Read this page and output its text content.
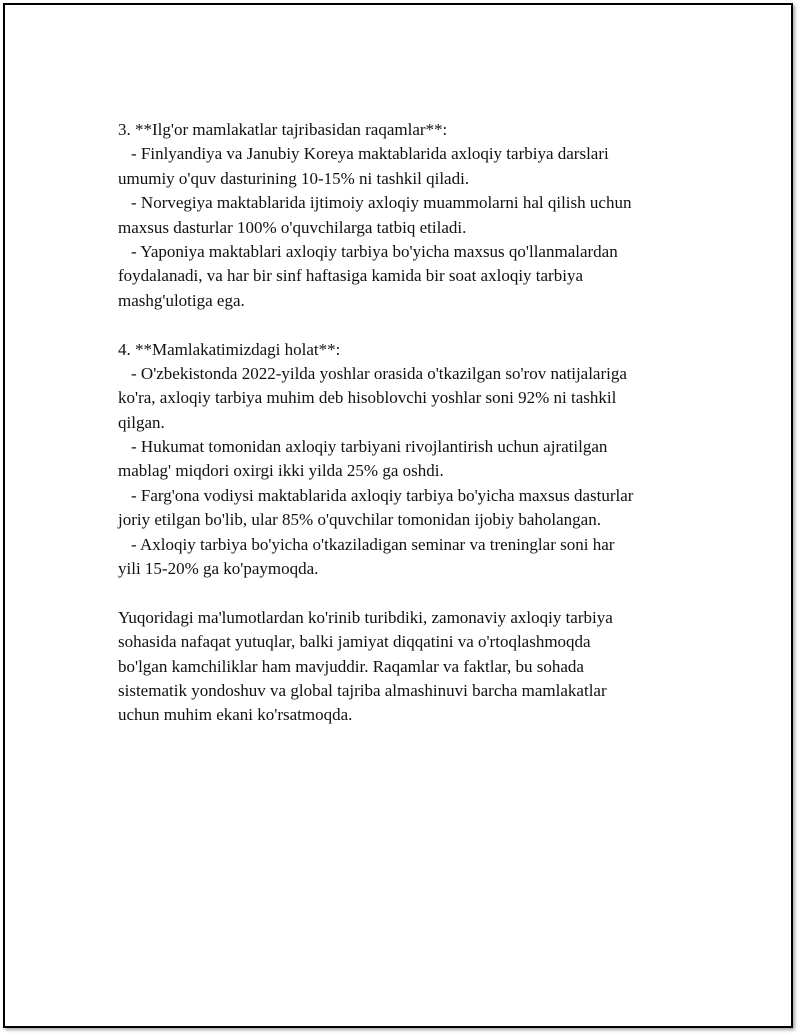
3. **Ilg'or mamlakatlar tajribasidan raqamlar**:
- Finlyandiya va Janubiy Koreya maktablarida axloqiy tarbiya darslari
umumiy o'quv dasturining 10-15% ni tashkil qiladi.
- Norvegiya maktablarida ijtimoiy axloqiy muammolarni hal qilish uchun
maxsus dasturlar 100% o'quvchilarga tatbiq etiladi.
- Yaponiya maktablari axloqiy tarbiya bo'yicha maxsus qo'llanmalardan
foydalanadi, va har bir sinf haftasiga kamida bir soat axloqiy tarbiya
mashg'ulotiga ega.
4. **Mamlakatimizdagi holat**:
- O'zbekistonda 2022-yilda yoshlar orasida o'tkazilgan so'rov natijalariga
ko'ra, axloqiy tarbiya muhim deb hisoblovchi yoshlar soni 92% ni tashkil
qilgan.
- Hukumat tomonidan axloqiy tarbiyani rivojlantirish uchun ajratilgan
mablag' miqdori oxirgi ikki yilda 25% ga oshdi.
- Farg'ona vodiysi maktablarida axloqiy tarbiya bo'yicha maxsus dasturlar
joriy etilgan bo'lib, ular 85% o'quvchilar tomonidan ijobiy baholangan.
- Axloqiy tarbiya bo'yicha o'tkaziladigan seminar va treninglar soni har
yili 15-20% ga ko'paymoqda.
Yuqoridagi ma'lumotlardan ko'rinib turibdiki, zamonaviy axloqiy tarbiya
sohasida nafaqat yutuqlar, balki jamiyat diqqatini va o'rtoqlashmoqda
bo'lgan kamchiliklar ham mavjuddir. Raqamlar va faktlar, bu sohada
sistematik yondoshuv va global tajriba almashinuvi barcha mamlakatlar
uchun muhim ekani ko'rsatmoqda.
